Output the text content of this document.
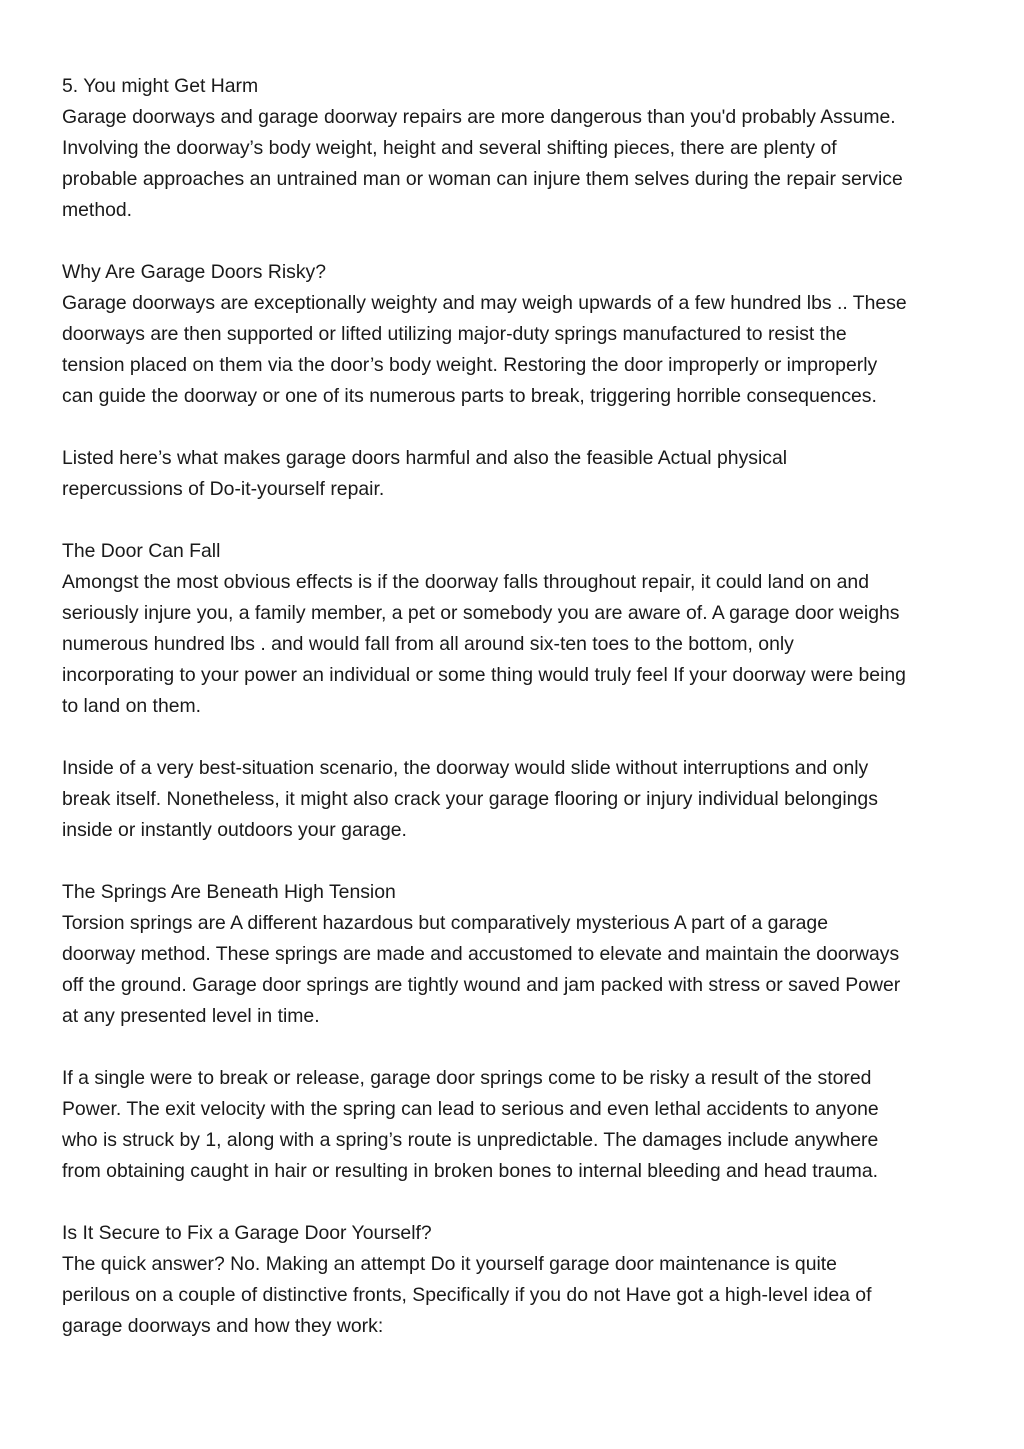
5. You might Get Harm
Garage doorways and garage doorway repairs are more dangerous than you'd probably Assume.
Involving the doorway’s body weight, height and several shifting pieces, there are plenty of
probable approaches an untrained man or woman can injure them selves during the repair service
method.
Why Are Garage Doors Risky?
Garage doorways are exceptionally weighty and may weigh upwards of a few hundred lbs .. These
doorways are then supported or lifted utilizing major-duty springs manufactured to resist the
tension placed on them via the door’s body weight. Restoring the door improperly or improperly
can guide the doorway or one of its numerous parts to break, triggering horrible consequences.
Listed here’s what makes garage doors harmful and also the feasible Actual physical
repercussions of Do-it-yourself repair.
The Door Can Fall
Amongst the most obvious effects is if the doorway falls throughout repair, it could land on and
seriously injure you, a family member, a pet or somebody you are aware of. A garage door weighs
numerous hundred lbs . and would fall from all around six-ten toes to the bottom, only
incorporating to your power an individual or some thing would truly feel If your doorway were being
to land on them.
Inside of a very best-situation scenario, the doorway would slide without interruptions and only
break itself. Nonetheless, it might also crack your garage flooring or injury individual belongings
inside or instantly outdoors your garage.
The Springs Are Beneath High Tension
Torsion springs are A different hazardous but comparatively mysterious A part of a garage
doorway method. These springs are made and accustomed to elevate and maintain the doorways
off the ground. Garage door springs are tightly wound and jam packed with stress or saved Power
at any presented level in time.
If a single were to break or release, garage door springs come to be risky a result of the stored
Power. The exit velocity with the spring can lead to serious and even lethal accidents to anyone
who is struck by 1, along with a spring’s route is unpredictable. The damages include anywhere
from obtaining caught in hair or resulting in broken bones to internal bleeding and head trauma.
Is It Secure to Fix a Garage Door Yourself?
The quick answer? No. Making an attempt Do it yourself garage door maintenance is quite
perilous on a couple of distinctive fronts, Specifically if you do not Have got a high-level idea of
garage doorways and how they work:
